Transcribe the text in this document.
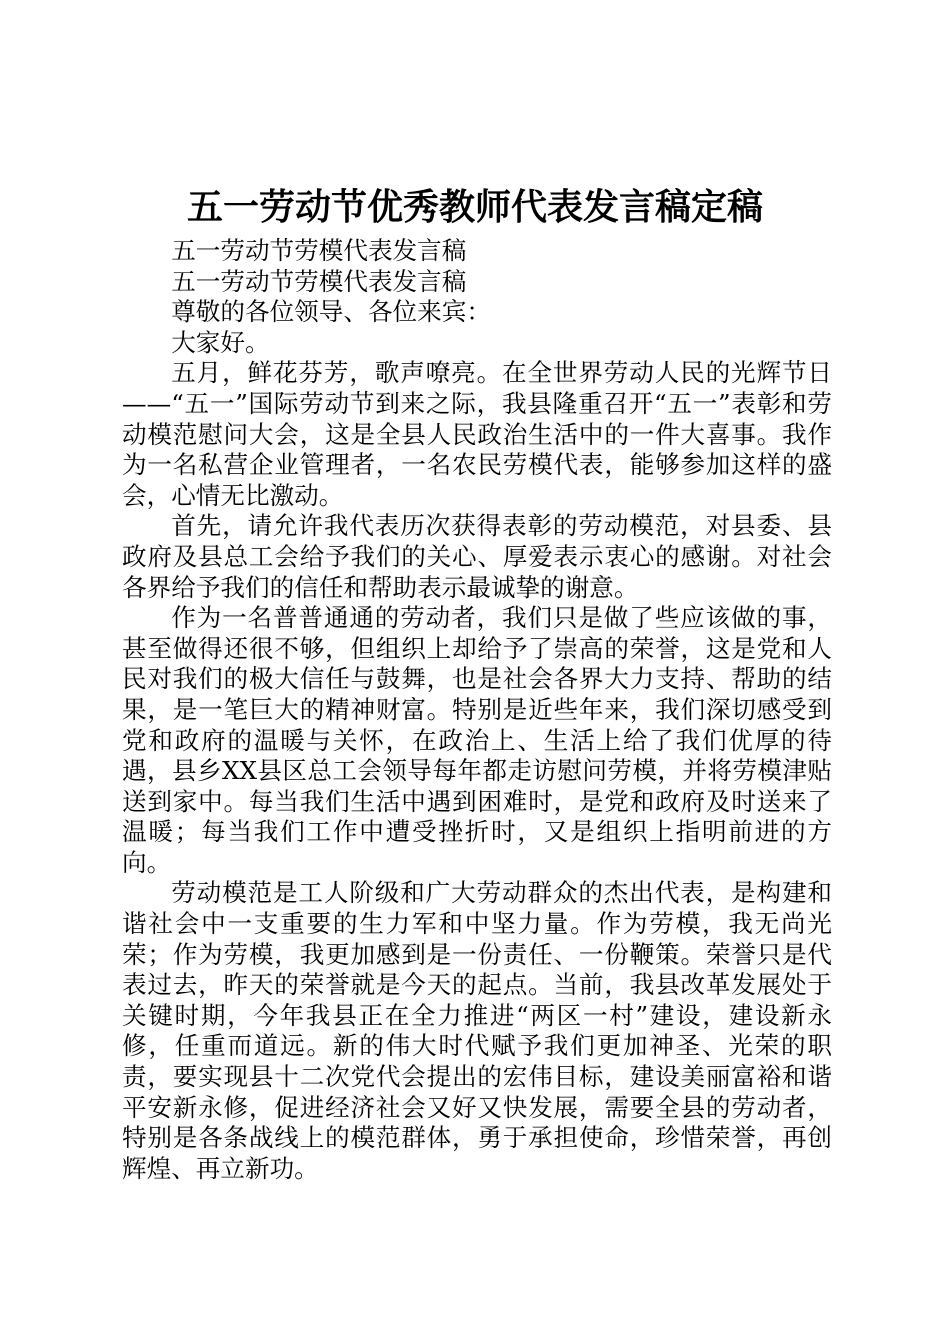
五一劳动节优秀教师代表发言稿定稿

五一劳动节劳模代表发言稿

五一劳动节劳模代表发言稿

尊敬的各位领导、各位来宾：

大家好。

五月，鲜花芬芳，歌声嘹亮。在全世界劳动人民的光辉节日——“五一”国际劳动节到来之际，我县隆重召开“五一”表彰和劳动模范慰问大会，这是全县人民政治生活中的一件大喜事。我作为一名私营企业管理者，一名农民劳模代表，能够参加这样的盛会，心情无比激动。

首先，请允许我代表历次获得表彰的劳动模范，对县委、县政府及县总工会给予我们的关心、厚爱表示衷心的感谢。对社会各界给予我们的信任和帮助表示最诚挚的谢意。

作为一名普普通通的劳动者，我们只是做了些应该做的事，甚至做得还很不够，但组织上却给予了崇高的荣誉，这是党和人民对我们的极大信任与鼓舞，也是社会各界大力支持、帮助的结果，是一笔巨大的精神财富。特别是近些年来，我们深切感受到党和政府的温暖与关怀，在政治上、生活上给了我们优厚的待遇，县乡XX县区总工会领导每年都走访慰问劳模，并将劳模津贴送到家中。每当我们生活中遇到困难时，是党和政府及时送来了温暖；每当我们工作中遭受挫折时，又是组织上指明前进的方向。

劳动模范是工人阶级和广大劳动群众的杰出代表，是构建和谐社会中一支重要的生力军和中坚力量。作为劳模，我无尚光荣；作为劳模，我更加感到是一份责任、一份鞭策。荣誉只是代表过去，昨天的荣誉就是今天的起点。当前，我县改革发展处于关键时期，今年我县正在全力推进“两区一村”建设，建设新永修，任重而道远。新的伟大时代赋予我们更加神圣、光荣的职责，要实现县十二次党代会提出的宏伟目标，建设美丽富裕和谐平安新永修，促进经济社会又好又快发展，需要全县的劳动者，特别是各条战线上的模范群体，勇于承担使命，珍惜荣誉，再创辉煌、再立新功。
